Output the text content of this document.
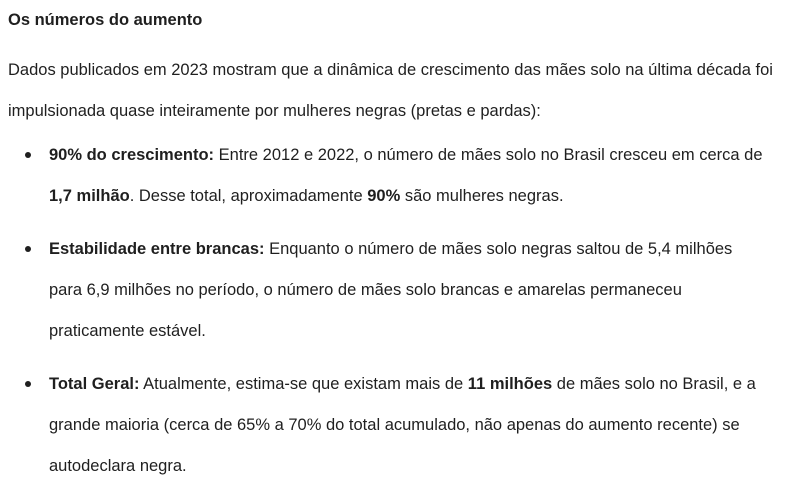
Os números do aumento

Dados publicados em 2023 mostram que a dinâmica de crescimento das mães solo na última década foi impulsionada quase inteiramente por mulheres negras (pretas e pardas):

90% do crescimento: Entre 2012 e 2022, o número de mães solo no Brasil cresceu em cerca de 1,7 milhão. Desse total, aproximadamente 90% são mulheres negras.
Estabilidade entre brancas: Enquanto o número de mães solo negras saltou de 5,4 milhões para 6,9 milhões no período, o número de mães solo brancas e amarelas permaneceu praticamente estável.
Total Geral: Atualmente, estima-se que existam mais de 11 milhões de mães solo no Brasil, e a grande maioria (cerca de 65% a 70% do total acumulado, não apenas do aumento recente) se autodeclara negra.
